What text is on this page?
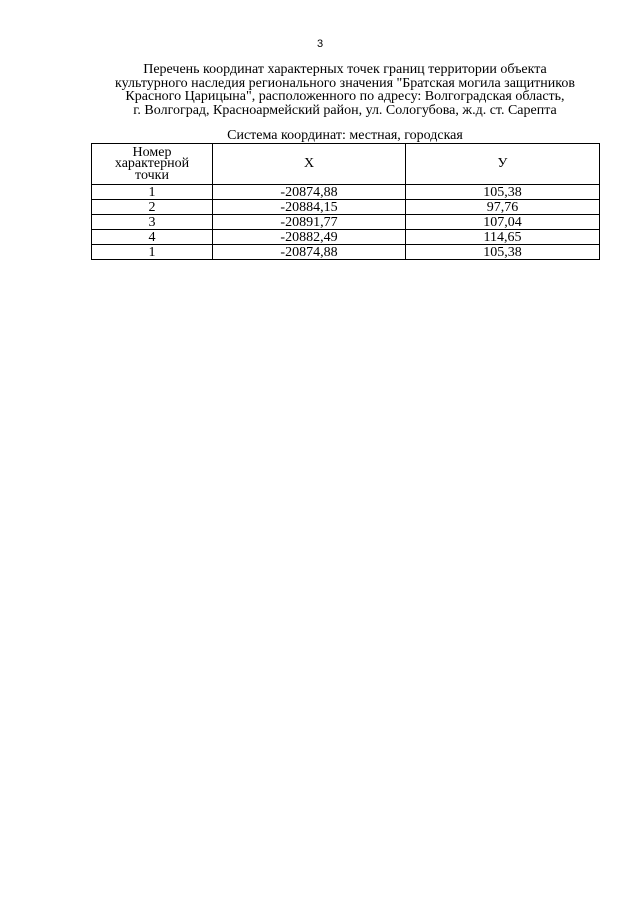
3
Перечень координат характерных точек границ территории объекта
культурного наследия регионального значения "Братская могила защитников
Красного Царицына", расположенного по адресу: Волгоградская область,
г. Волгоград, Красноармейский район, ул. Сологубова, ж.д. ст. Сарепта
Система координат: местная, городская
Номер
характерной
точки	X	У
1	-20874,88	105,38
2	-20884,15	97,76
3	-20891,77	107,04
4	-20882,49	114,65
1	-20874,88	105,38
